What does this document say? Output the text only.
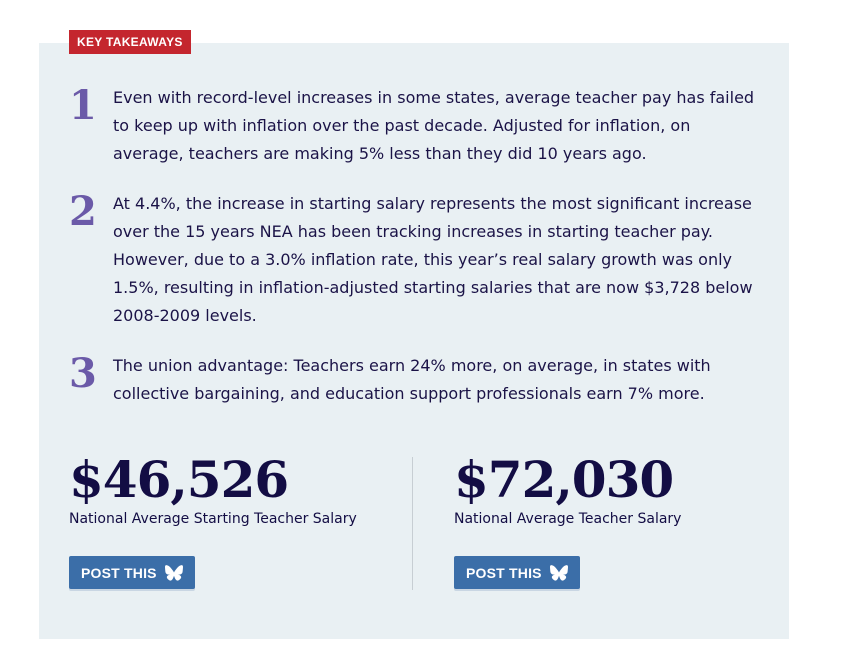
KEY TAKEAWAYS
1	Even with record-level increases in some states, average teacher pay has failed to keep up with inflation over the past decade. Adjusted for inflation, on average, teachers are making 5% less than they did 10 years ago.
2	At 4.4%, the increase in starting salary represents the most significant increase over the 15 years NEA has been tracking increases in starting teacher pay. However, due to a 3.0% inflation rate, this year’s real salary growth was only 1.5%, resulting in inflation-adjusted starting salaries that are now $3,728 below 2008-2009 levels.
3	The union advantage: Teachers earn 24% more, on average, in states with collective bargaining, and education support professionals earn 7% more.
$46,526
National Average Starting Teacher Salary
POST THIS
$72,030
National Average Teacher Salary
POST THIS
